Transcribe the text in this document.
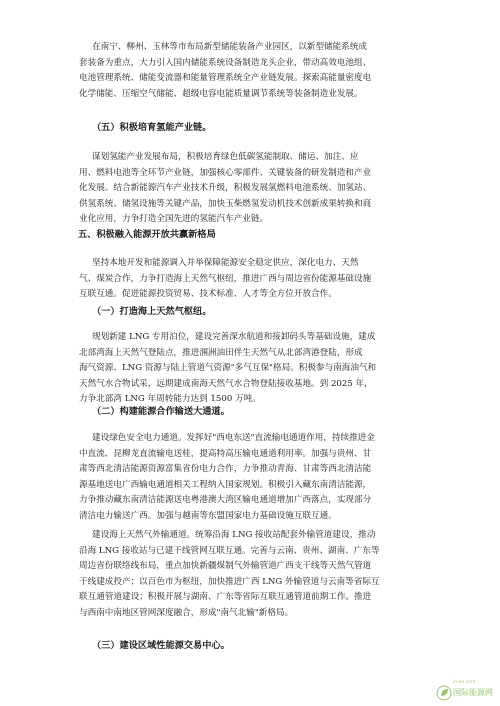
在南宁、柳州、玉林等市布局新型储能装备产业园区，以新型储能系统成

套装备为重点，大力引入国内储能系统设备制造龙头企业，带动高效电池组、

电池管理系统、储能变流器和能量管理系统全产业链发展。探索高能量密度电

化学储能、压缩空气储能、超级电容电能质量调节系统等装备制造业发展。

（五）积极培育氢能产业链。

谋划氢能产业发展布局，积极培育绿色低碳氢能制取、储运、加注、应

用、燃料电池等全环节产业链，加强核心零部件、关键装备的研发制造和产业

化发展。结合新能源汽车产业技术升级，积极发展氢燃料电池系统、加氢站、

供氢系统、储氢设施等关键产品，加快玉柴燃氢发动机技术创新成果转换和商

业化应用，力争打造全国先进的氢能汽车产业链。

五、积极融入能源开放共赢新格局

坚持本地开发和能源调入并举保障能源安全稳定供应，深化电力、天然

气、煤炭合作，力争打造海上天然气枢纽，推进广西与周边省份能源基础设施

互联互通。促进能源投资贸易、技术标准、人才等全方位开放合作。

（一）打造海上天然气枢纽。

规划新建 LNG 专用泊位，建设完善深水航道和接卸码头等基础设施，建成

北部湾海上天然气登陆点，推进涠洲油田伴生天然气从北部湾港登陆，形成

海气资源、LNG 资源与陆上管道气资源"多气互保"格局。积极参与南海油气和

天然气水合物试采，远期建成南海天然气水合物登陆接收基地。到 2025 年，

力争北部湾 LNG 年周转能力达到 1500 万吨。

（二）构建能源合作输送大通道。

建设绿色安全电力通道。发挥好"西电东送"直流输电通道作用，持续推进金

中直流、昆柳龙直流输电送桂，提高特高压输电通道利用率。加强与贵州、甘

肃等西北清洁能源资源富集省份电力合作，力争推动青海、甘肃等西北清洁能

源基地送电广西输电通道相关工程纳入国家规划。积极引入藏东南清洁能源，

力争推动藏东南清洁能源送电粤港澳大湾区输电通道增加广西落点，实现部分

清洁电力输送广西。加强与越南等东盟国家电力基础设施互联互通。

建设海上天然气外输通道。统筹沿海 LNG 接收站配套外输管道建设，推动

沿海 LNG 接收站与已建干线管网互联互通。完善与云南、贵州、湖南、广东等

周边省份联络线布局，重点加快新疆煤制气外输管道广西支干线等天然气管道

干线建成投产；以百色市为枢纽，加快推进广西 LNG 外输管道与云南等省际互

联互通管道建设；积极开展与湖南、广东等省际互联互通管道前期工作。推进

与西南中南地区管网深度融合，形成"南气北输"新格局。

（三）建设区域性能源交易中心。
in-en.com
国际能源网
